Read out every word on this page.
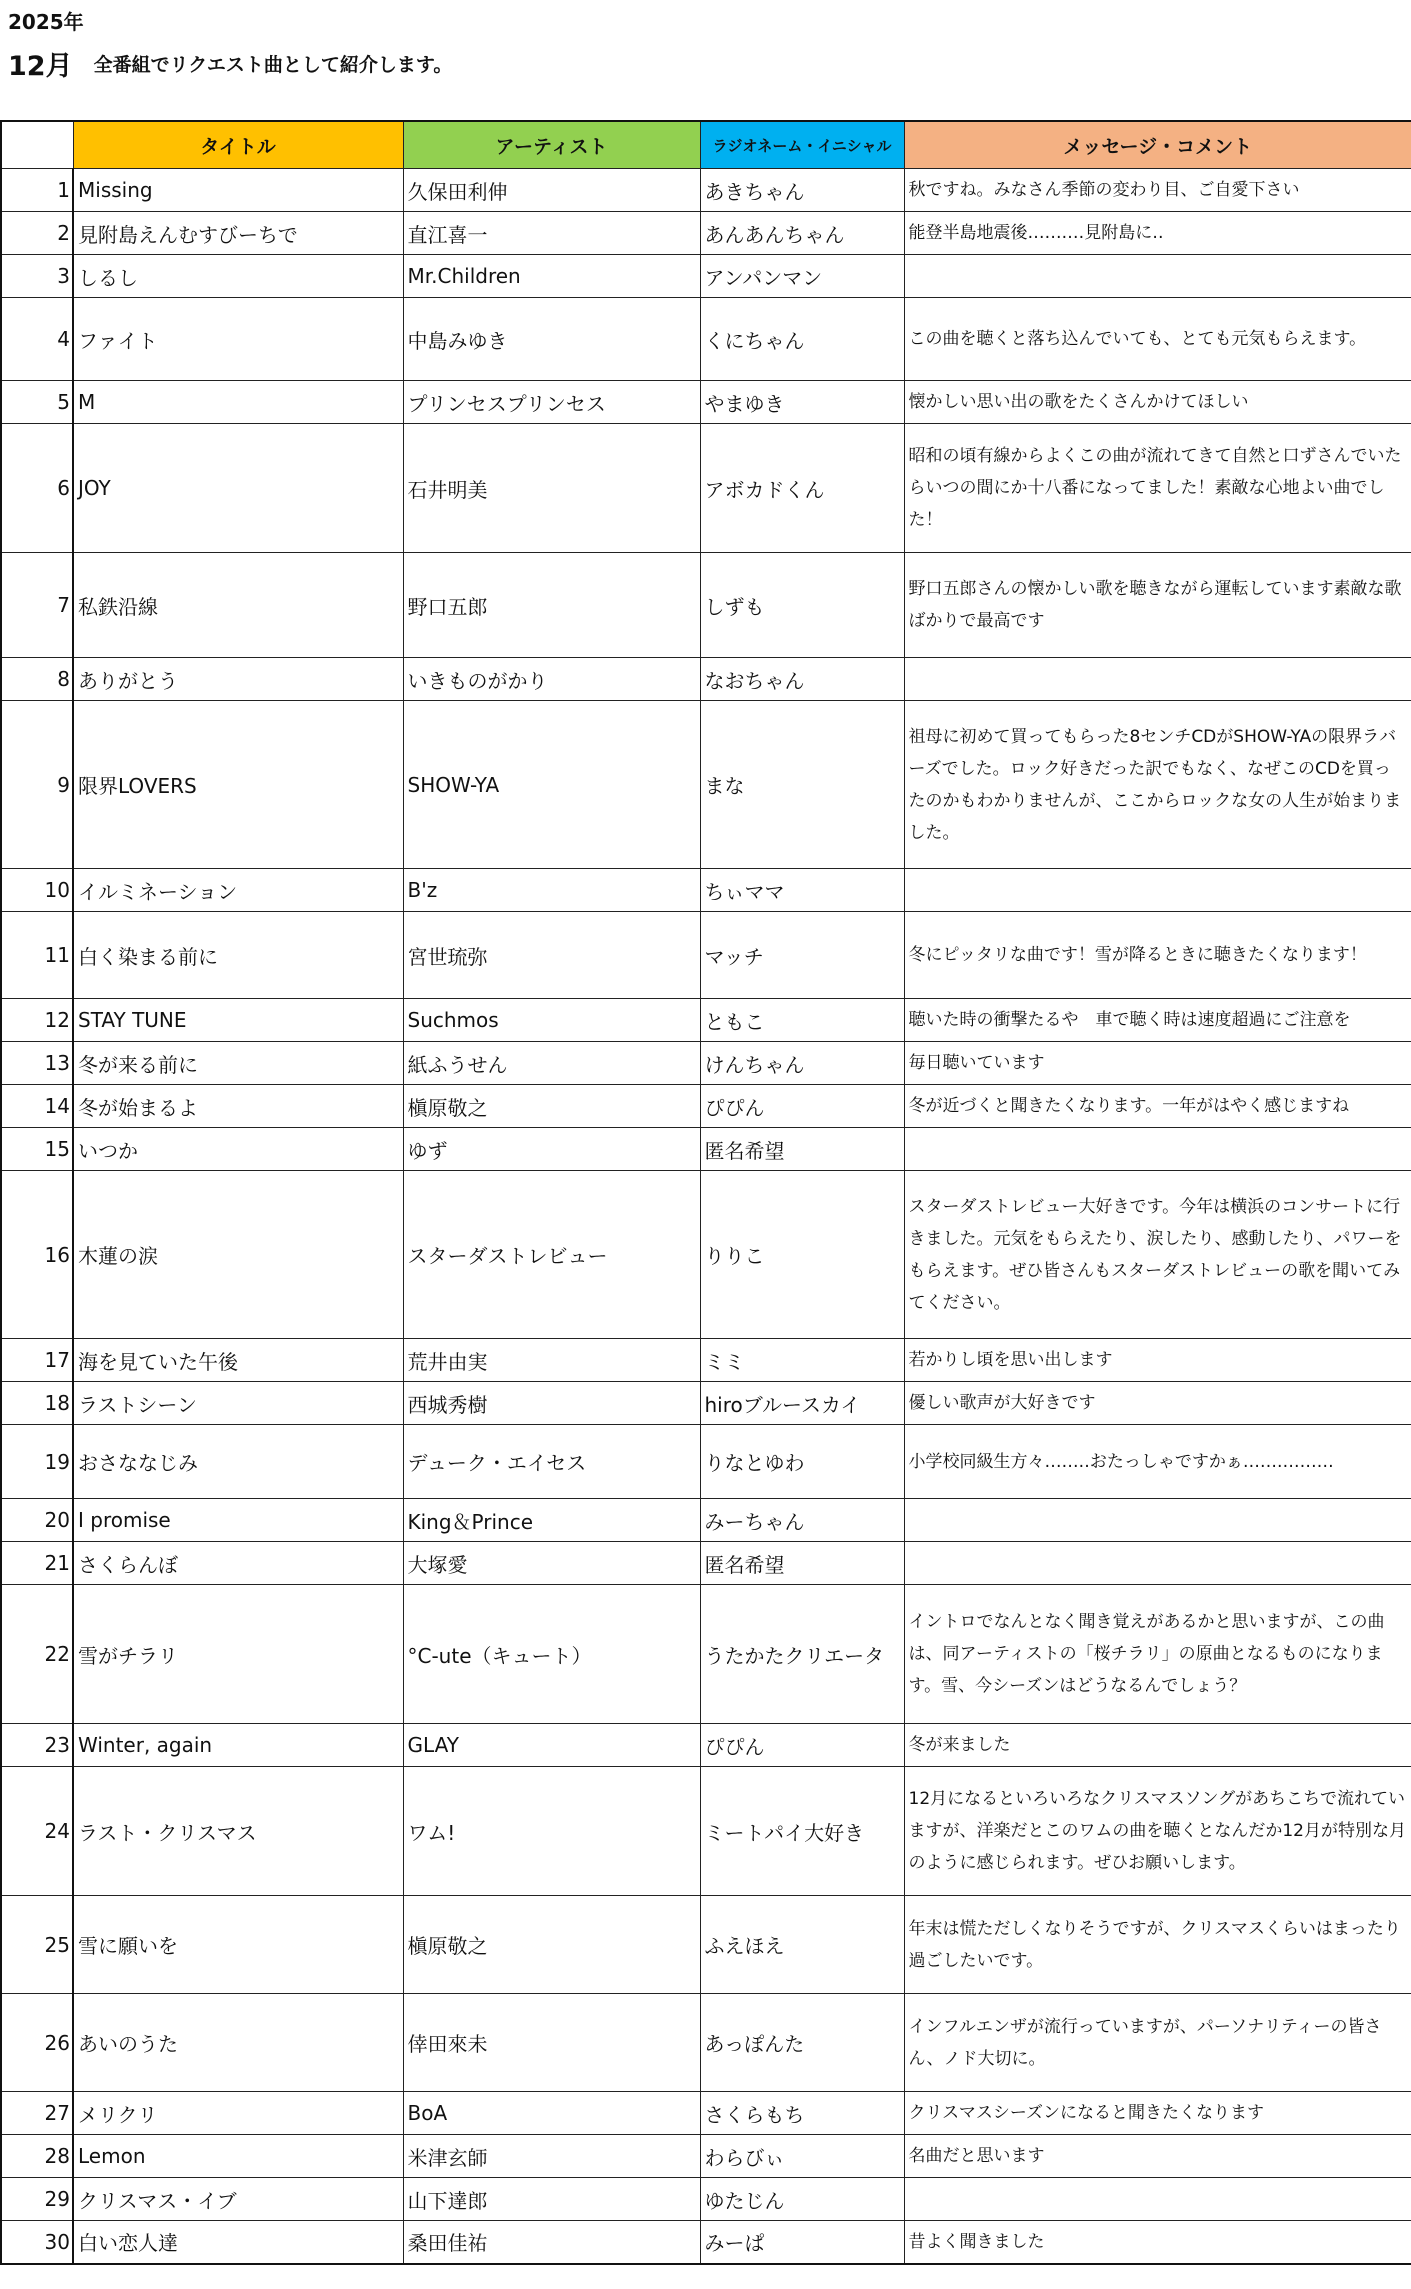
2025年
12月 全番組でリクエスト曲として紹介します。
	タイトル	アーティスト	ラジオネーム・イニシャル	メッセージ・コメント
1	Missing	久保田利伸	あきちゃん	秋ですね。みなさん季節の変わり目、ご自愛下さい
2	見附島えんむすびーちで	直江喜一	あんあんちゃん	能登半島地震後‥‥‥‥‥見附島に‥
3	しるし	Mr.Children	アンパンマン	
4	ファイト	中島みゆき	くにちゃん	この曲を聴くと落ち込んでいても、とても元気もらえます。
5	M	プリンセスプリンセス	やまゆき	懐かしい思い出の歌をたくさんかけてほしい
6	JOY	石井明美	アボカドくん	昭和の頃有線からよくこの曲が流れてきて自然と口ずさんでいたらいつの間にか十八番になってました！素敵な心地よい曲でした！
7	私鉄沿線	野口五郎	しずも	野口五郎さんの懐かしい歌を聴きながら運転しています素敵な歌ばかりで最高です
8	ありがとう	いきものがかり	なおちゃん	
9	限界LOVERS	SHOW-YA	まな	祖母に初めて買ってもらった8センチCDがSHOW-YAの限界ラバーズでした。ロック好きだった訳でもなく、なぜこのCDを買ったのかもわかりませんが、ここからロックな女の人生が始まりました。
10	イルミネーション	B'z	ちぃママ	
11	白く染まる前に	宮世琉弥	マッチ	冬にピッタリな曲です！雪が降るときに聴きたくなります！
12	STAY TUNE	Suchmos	ともこ	聴いた時の衝撃たるや　車で聴く時は速度超過にご注意を
13	冬が来る前に	紙ふうせん	けんちゃん	毎日聴いています
14	冬が始まるよ	槇原敬之	ぴぴん	冬が近づくと聞きたくなります。一年がはやく感じますね
15	いつか	ゆず	匿名希望	
16	木蓮の涙	スターダストレビュー	りりこ	スターダストレビュー大好きです。今年は横浜のコンサートに行きました。元気をもらえたり、涙したり、感動したり、パワーをもらえます。ぜひ皆さんもスターダストレビューの歌を聞いてみてください。
17	海を見ていた午後	荒井由実	ミミ	若かりし頃を思い出します
18	ラストシーン	西城秀樹	hiroブルースカイ	優しい歌声が大好きです
19	おさななじみ	デューク・エイセス	りなとゆわ	小学校同級生方々‥‥‥‥おたっしゃですかぁ‥‥‥‥‥‥‥‥
20	I promise	King＆Prince	みーちゃん	
21	さくらんぼ	大塚愛	匿名希望	
22	雪がチラリ	°C-ute（キュート）	うたかたクリエータ	イントロでなんとなく聞き覚えがあるかと思いますが、この曲は、同アーティストの「桜チラリ」の原曲となるものになります。雪、今シーズンはどうなるんでしょう？
23	Winter, again	GLAY	ぴぴん	冬が来ました
24	ラスト・クリスマス	ワム!	ミートパイ大好き	12月になるといろいろなクリスマスソングがあちこちで流れていますが、洋楽だとこのワムの曲を聴くとなんだか12月が特別な月のように感じられます。ぜひお願いします。
25	雪に願いを	槇原敬之	ふえほえ	年末は慌ただしくなりそうですが、クリスマスくらいはまったり過ごしたいです。
26	あいのうた	倖田來未	あっぽんた	インフルエンザが流行っていますが、パーソナリティーの皆さん、ノド大切に。
27	メリクリ	BoA	さくらもち	クリスマスシーズンになると聞きたくなります
28	Lemon	米津玄師	わらびぃ	名曲だと思います
29	クリスマス・イブ	山下達郎	ゆたじん	
30	白い恋人達	桑田佳祐	みーぱ	昔よく聞きました
